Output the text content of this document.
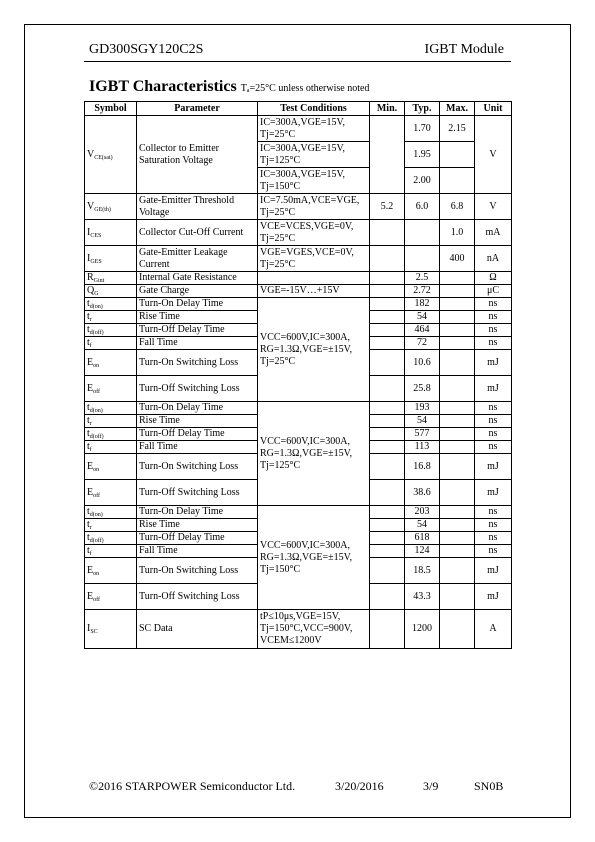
GD300SGY120C2S	IGBT Module
IGBT Characteristics Tₐ=25°C unless otherwise noted
Symbol	Parameter	Test Conditions	Min.	Typ.	Max.	Unit
$V_{CE(sat)}$	Collector to Emitter Saturation Voltage	IC=300A,VGE=15V,
Tj=25°C		1.70	2.15	V
		IC=300A,VGE=15V,
Tj=125°C		1.95		
		IC=300A,VGE=15V,
Tj=150°C		2.00		
$V_{GE(th)}$	Gate-Emitter Threshold Voltage	IC=7.50mA,VCE=VGE,
Tj=25°C	5.2	6.0	6.8	V
$I_{CES}$	Collector Cut-Off Current	VCE=VCES,VGE=0V,
Tj=25°C			1.0	mA
$I_{GES}$	Gate-Emitter Leakage Current	VGE=VGES,VCE=0V,
Tj=25°C			400	nA
$R_{Gint}$	Internal Gate Resistance			2.5		Ω
$Q_G$	Gate Charge	VGE=-15V…+15V		2.72		μC
$t_{d(on)}$	Turn-On Delay Time	VCC=600V,IC=300A,
RG=1.3Ω,VGE=±15V,
Tj=25°C		182		ns
$t_r$	Rise Time			54		ns
$t_{d(off)}$	Turn-Off Delay Time			464		ns
$t_f$	Fall Time			72		ns
$E_{on}$	Turn-On Switching Loss			10.6		mJ
$E_{off}$	Turn-Off Switching Loss			25.8		mJ
$t_{d(on)}$	Turn-On Delay Time	VCC=600V,IC=300A,
RG=1.3Ω,VGE=±15V,
Tj=125°C		193		ns
$t_r$	Rise Time			54		ns
$t_{d(off)}$	Turn-Off Delay Time			577		ns
$t_f$	Fall Time			113		ns
$E_{on}$	Turn-On Switching Loss			16.8		mJ
$E_{off}$	Turn-Off Switching Loss			38.6		mJ
$t_{d(on)}$	Turn-On Delay Time	VCC=600V,IC=300A,
RG=1.3Ω,VGE=±15V,
Tj=150°C		203		ns
$t_r$	Rise Time			54		ns
$t_{d(off)}$	Turn-Off Delay Time			618		ns
$t_f$	Fall Time			124		ns
$E_{on}$	Turn-On Switching Loss			18.5		mJ
$E_{off}$	Turn-Off Switching Loss			43.3		mJ
$I_{SC}$	SC Data	tP≤10μs,VGE=15V,
Tj=150°C,VCC=900V,
VCEM≤1200V		1200		A
©2016 STARPOWER Semiconductor Ltd.	3/20/2016	3/9	SN0B
